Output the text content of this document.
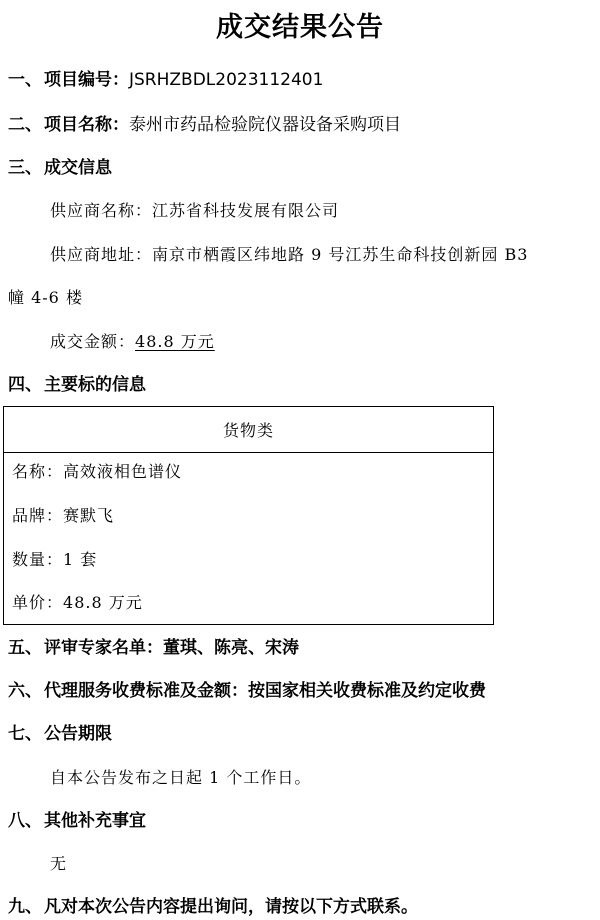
成交结果公告
一、 项目编号：JSRHZBDL2023112401
二、 项目名称：泰州市药品检验院仪器设备采购项目
三、 成交信息
供应商名称：江苏省科技发展有限公司
供应商地址：南京市栖霞区纬地路 9 号江苏生命科技创新园 B3
幢 4-6 楼
成交金额：48.8 万元
四、 主要标的信息
货物类
名称：高效液相色谱仪
品牌：赛默飞
数量：1 套
单价：48.8 万元
五、 评审专家名单：董琪、陈亮、宋涛
六、 代理服务收费标准及金额：按国家相关收费标准及约定收费
七、 公告期限
自本公告发布之日起 1 个工作日。
八、 其他补充事宜
无
九、 凡对本次公告内容提出询问，请按以下方式联系。
